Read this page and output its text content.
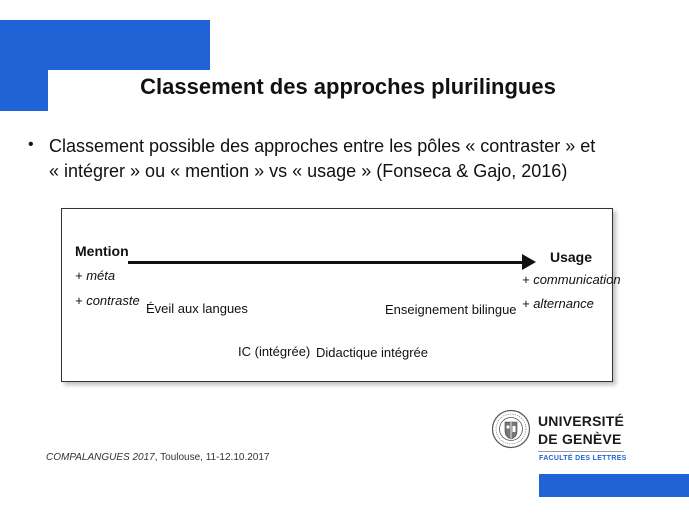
Classement des approches plurilingues
• Classement possible des approches entre les pôles « contraster » et
« intégrer » ou « mention » vs « usage » (Fonseca & Gajo, 2016)
Mention
+ méta
+ contraste
Usage
+ communication
+ alternance
Éveil aux langues	Enseignement bilingue
IC (intégrée) Didactique intégrée
COMPALANGUES 2017, Toulouse, 11-12.10.2017
UNIVERSITÉ
DE GENÈVE
FACULTÉ DES LETTRES
